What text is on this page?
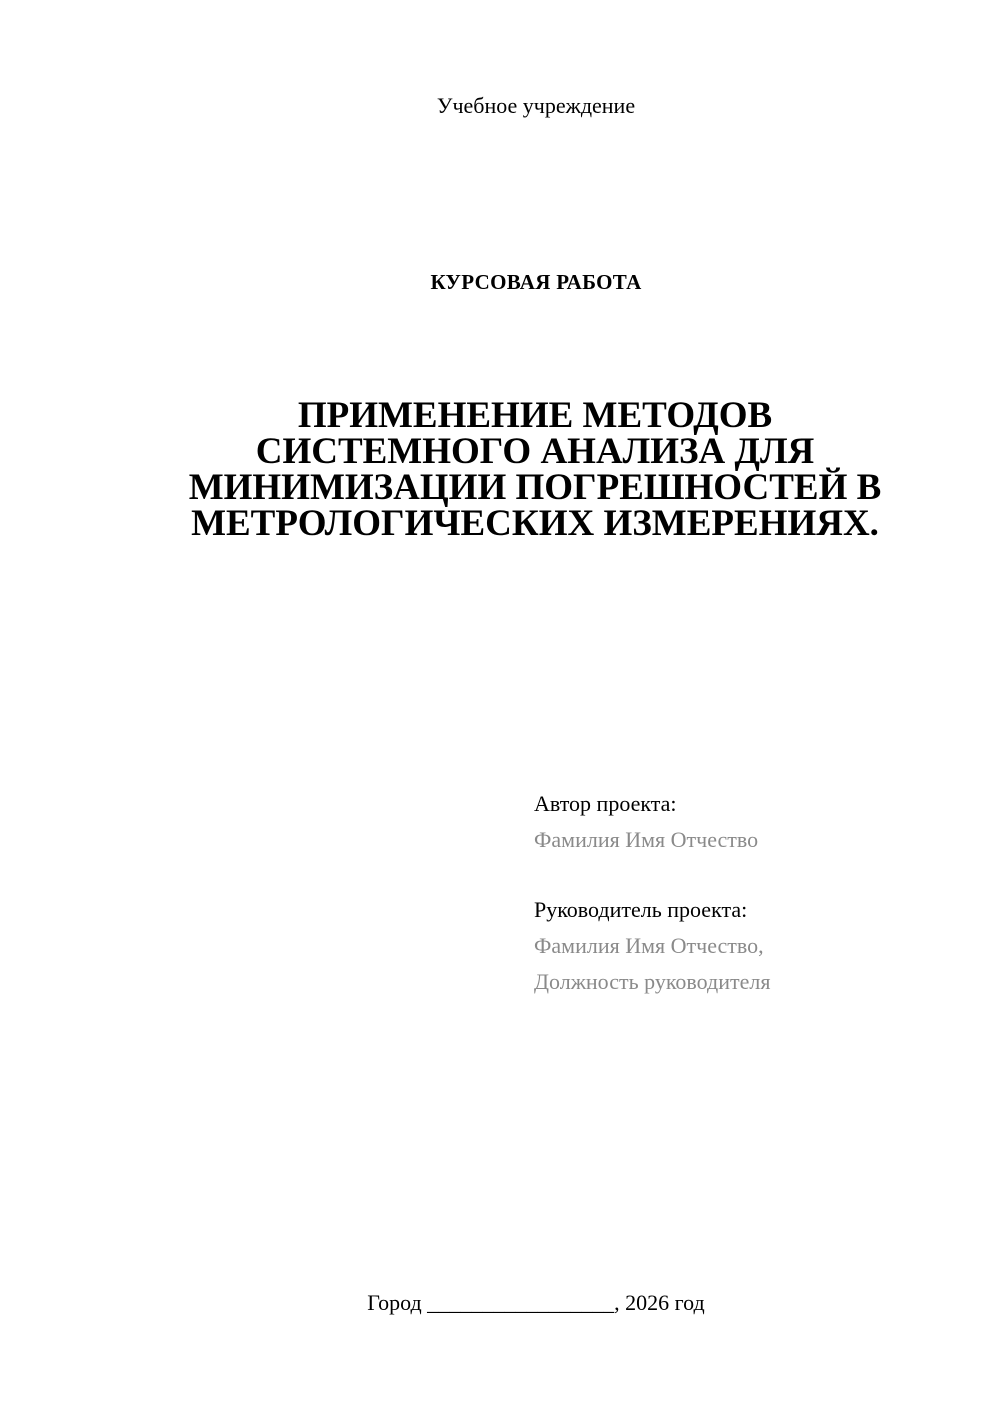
Учебное учреждение
КУРСОВАЯ РАБОТА
ПРИМЕНЕНИЕ МЕТОДОВ
СИСТЕМНОГО АНАЛИЗА ДЛЯ
МИНИМИЗАЦИИ ПОГРЕШНОСТЕЙ В
МЕТРОЛОГИЧЕСКИХ ИЗМЕРЕНИЯХ.
Автор проекта:
Фамилия Имя Отчество
Руководитель проекта:
Фамилия Имя Отчество,
Должность руководителя
Город _________________, 2026 год
